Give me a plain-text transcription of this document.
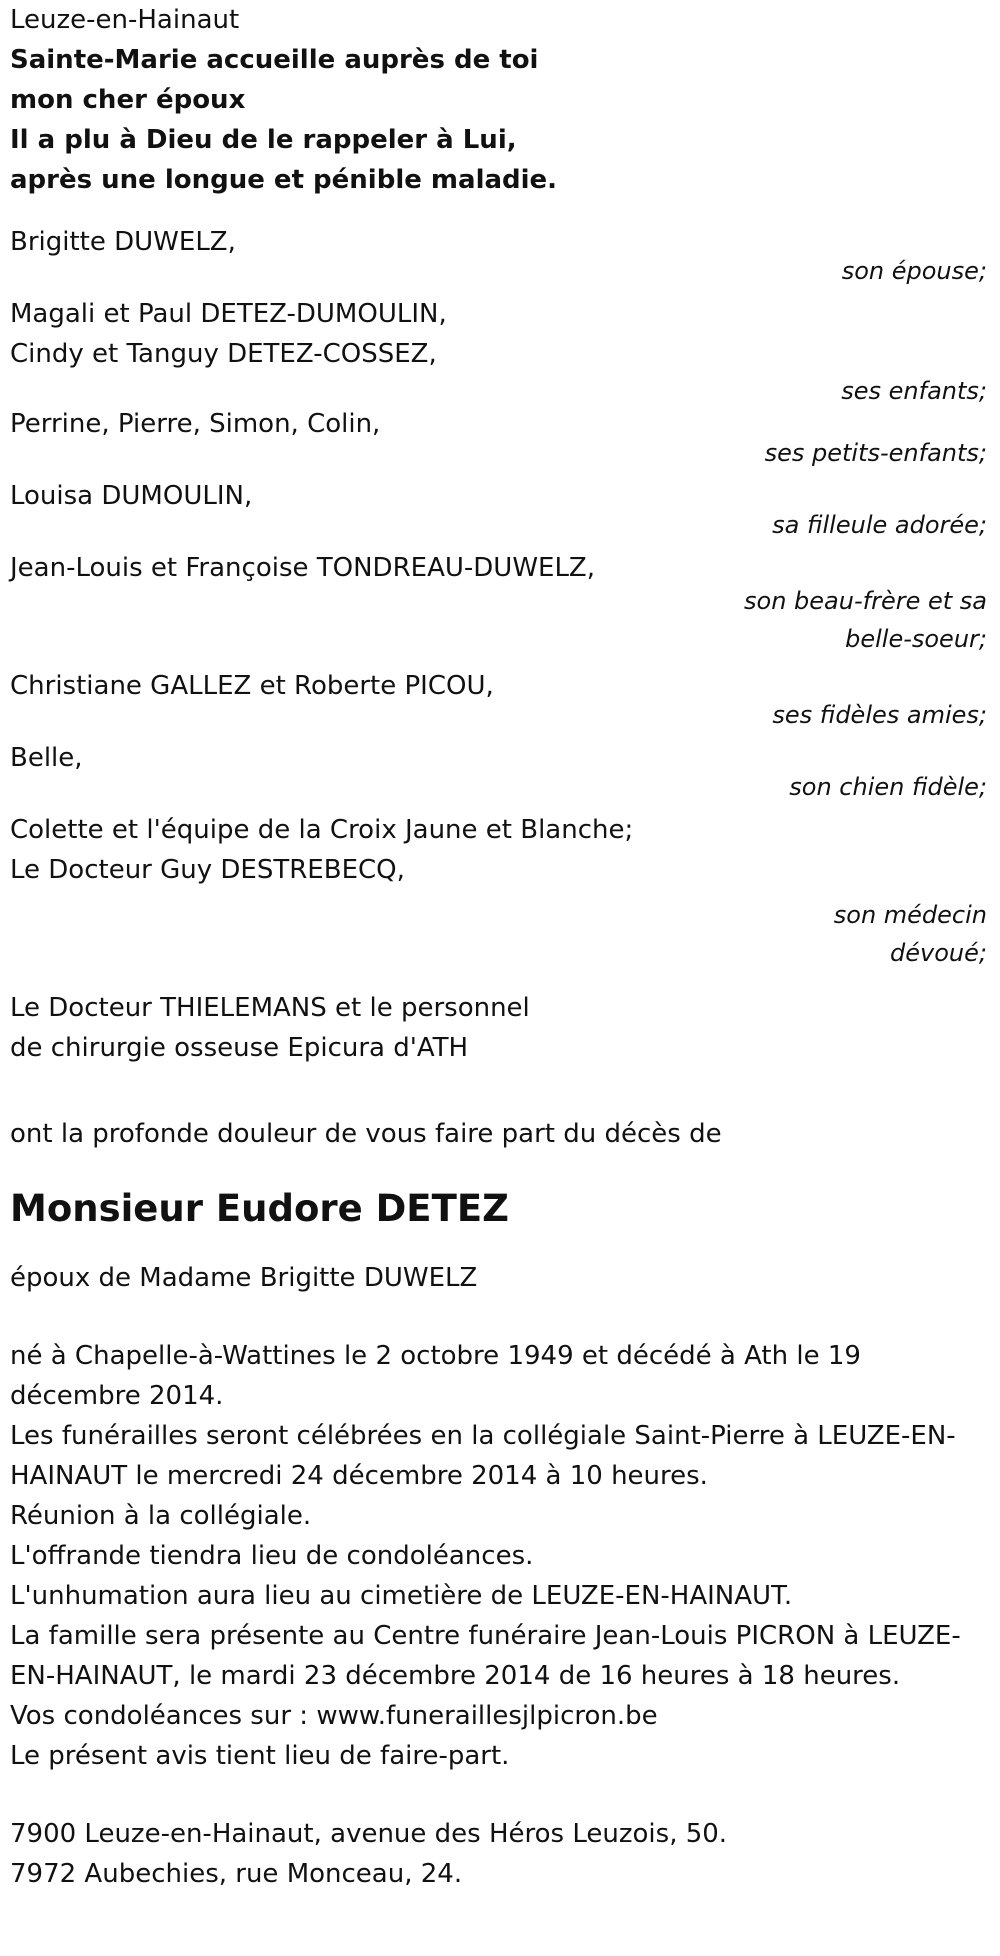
Leuze-en-Hainaut

Sainte-Marie accueille auprès de toi

mon cher époux

Il a plu à Dieu de le rappeler à Lui,

après une longue et pénible maladie.

Brigitte DUWELZ,

son épouse;

Magali et Paul DETEZ-DUMOULIN,

Cindy et Tanguy DETEZ-COSSEZ,

ses enfants;

Perrine, Pierre, Simon, Colin,

ses petits-enfants;

Louisa DUMOULIN,

sa filleule adorée;

Jean-Louis et Françoise TONDREAU-DUWELZ,

son beau-frère et sa
belle-soeur;

Christiane GALLEZ et Roberte PICOU,

ses fidèles amies;

Belle,

son chien fidèle;

Colette et l'équipe de la Croix Jaune et Blanche;

Le Docteur Guy DESTREBECQ,

son médecin
dévoué;

Le Docteur THIELEMANS et le personnel

de chirurgie osseuse Epicura d'ATH

ont la profonde douleur de vous faire part du décès de

Monsieur Eudore DETEZ

époux de Madame Brigitte DUWELZ

né à Chapelle-à-Wattines le 2 octobre 1949 et décédé à Ath le 19 décembre 2014.

Les funérailles seront célébrées en la collégiale Saint-Pierre à LEUZE-EN-HAINAUT le mercredi 24 décembre 2014 à 10 heures.

Réunion à la collégiale.

L'offrande tiendra lieu de condoléances.

L'unhumation aura lieu au cimetière de LEUZE-EN-HAINAUT.

La famille sera présente au Centre funéraire Jean-Louis PICRON à LEUZE-EN-HAINAUT, le mardi 23 décembre 2014 de 16 heures à 18 heures.

Vos condoléances sur : www.funeraillesjlpicron.be

Le présent avis tient lieu de faire-part.

7900 Leuze-en-Hainaut, avenue des Héros Leuzois, 50.

7972 Aubechies, rue Monceau, 24.
